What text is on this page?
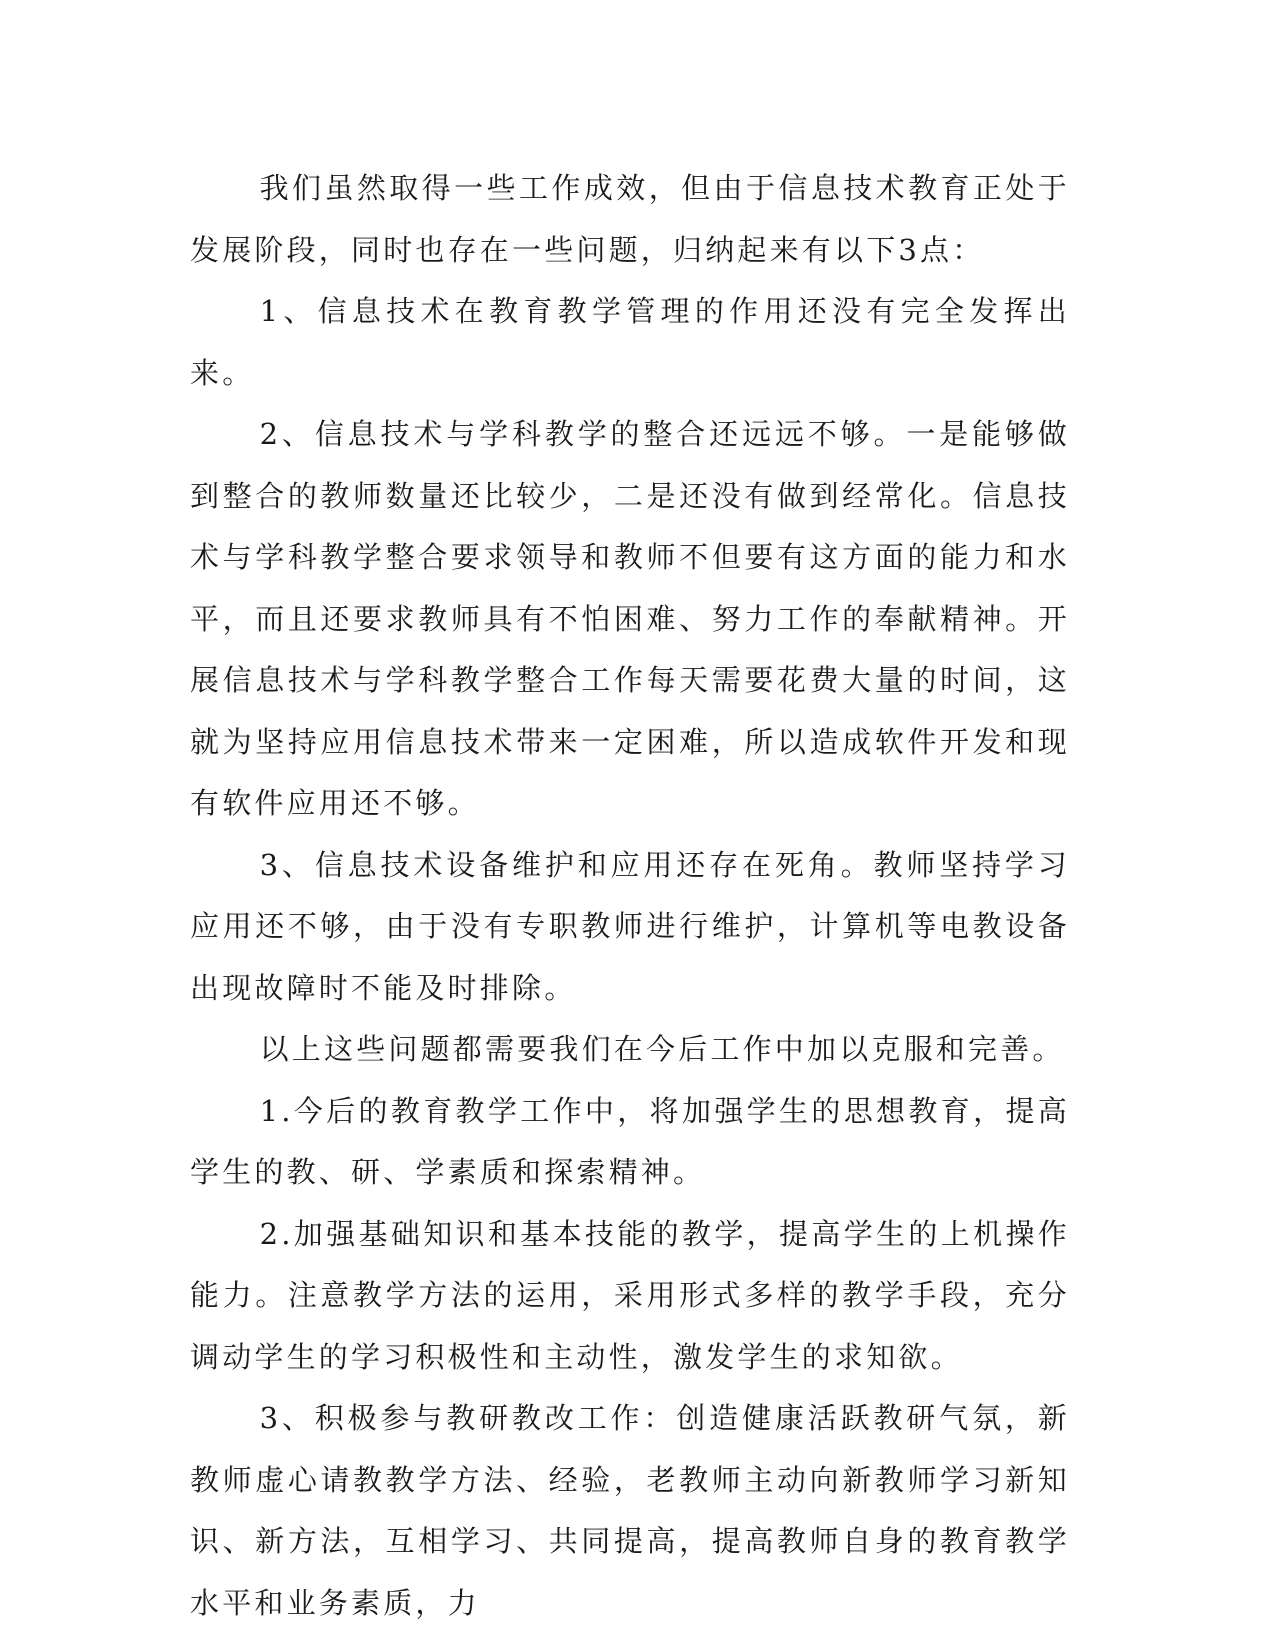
我们虽然取得一些工作成效，但由于信息技术教育正处于发展阶段，同时也存在一些问题，归纳起来有以下3点：

1、信息技术在教育教学管理的作用还没有完全发挥出来。

2、信息技术与学科教学的整合还远远不够。一是能够做到整合的教师数量还比较少，二是还没有做到经常化。信息技术与学科教学整合要求领导和教师不但要有这方面的能力和水平，而且还要求教师具有不怕困难、努力工作的奉献精神。开展信息技术与学科教学整合工作每天需要花费大量的时间，这就为坚持应用信息技术带来一定困难，所以造成软件开发和现有软件应用还不够。

3、信息技术设备维护和应用还存在死角。教师坚持学习应用还不够，由于没有专职教师进行维护，计算机等电教设备出现故障时不能及时排除。

以上这些问题都需要我们在今后工作中加以克服和完善。

1.今后的教育教学工作中，将加强学生的思想教育，提高学生的教、研、学素质和探索精神。

2.加强基础知识和基本技能的教学，提高学生的上机操作能力。注意教学方法的运用，采用形式多样的教学手段，充分调动学生的学习积极性和主动性，激发学生的求知欲。

3、积极参与教研教改工作：创造健康活跃教研气氛，新教师虚心请教教学方法、经验，老教师主动向新教师学习新知识、新方法，互相学习、共同提高，提高教师自身的教育教学水平和业务素质，力
